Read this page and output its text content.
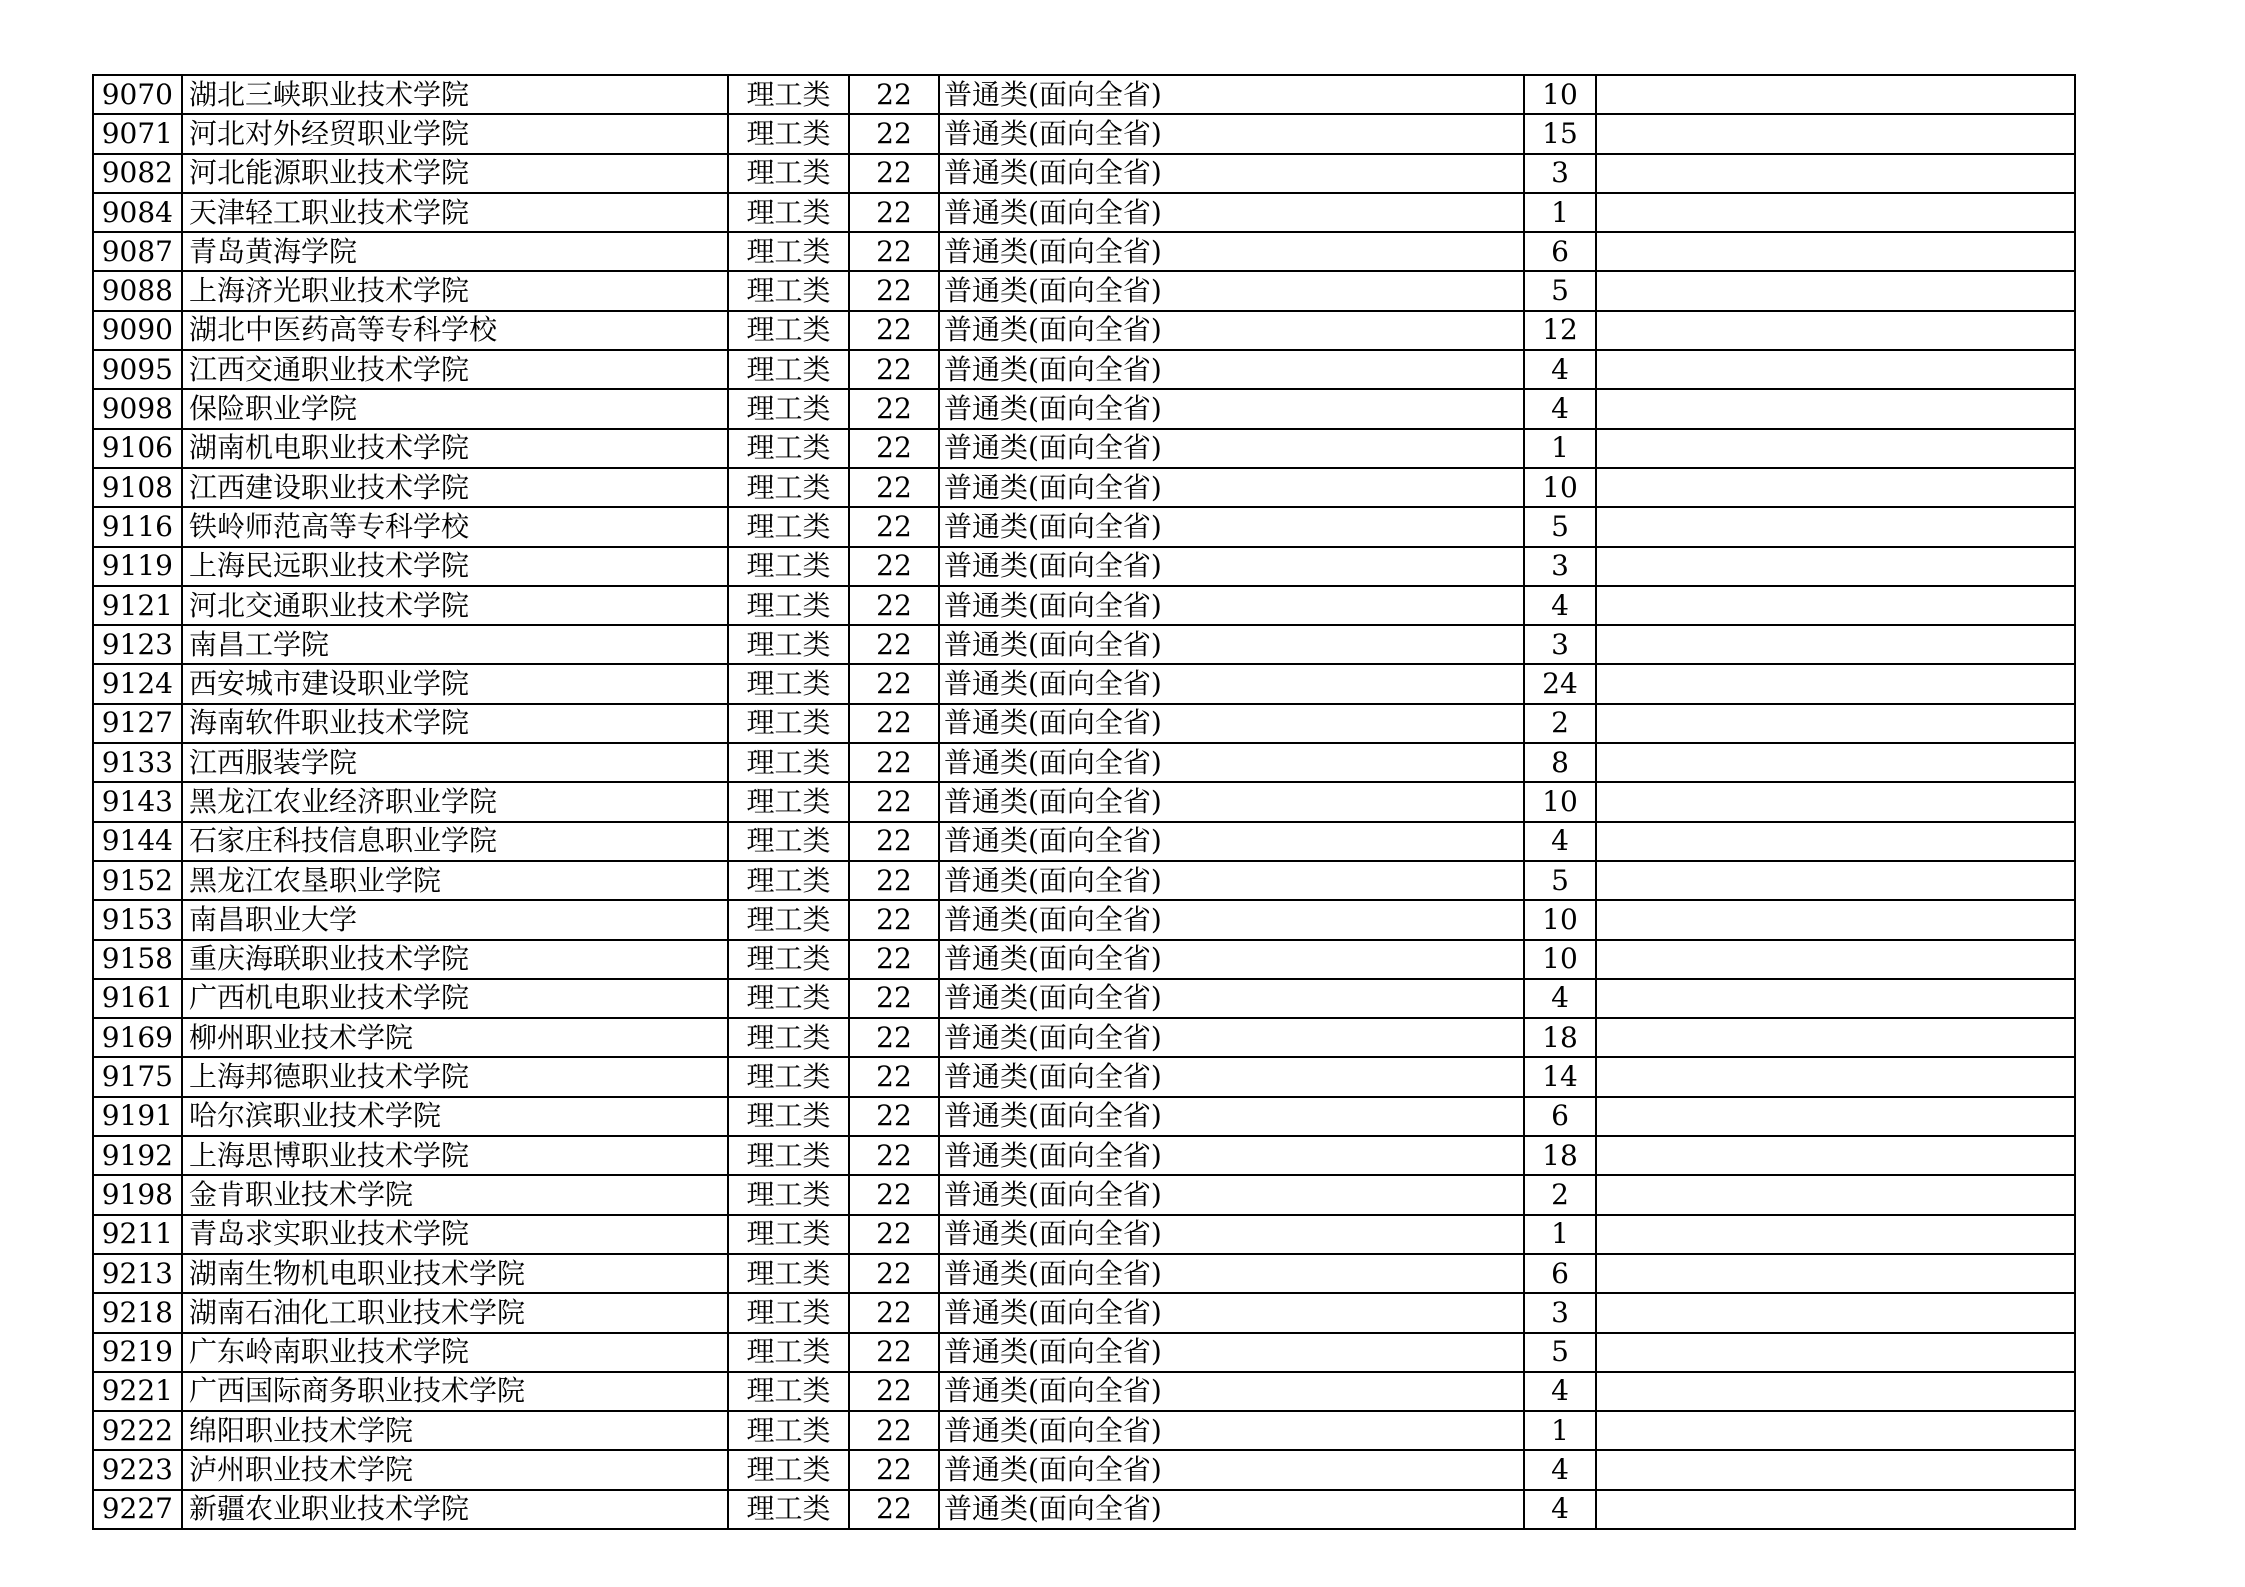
9070	湖北三峡职业技术学院	理工类	22	普通类(面向全省)	10	
9071	河北对外经贸职业学院	理工类	22	普通类(面向全省)	15	
9082	河北能源职业技术学院	理工类	22	普通类(面向全省)	3	
9084	天津轻工职业技术学院	理工类	22	普通类(面向全省)	1	
9087	青岛黄海学院	理工类	22	普通类(面向全省)	6	
9088	上海济光职业技术学院	理工类	22	普通类(面向全省)	5	
9090	湖北中医药高等专科学校	理工类	22	普通类(面向全省)	12	
9095	江西交通职业技术学院	理工类	22	普通类(面向全省)	4	
9098	保险职业学院	理工类	22	普通类(面向全省)	4	
9106	湖南机电职业技术学院	理工类	22	普通类(面向全省)	1	
9108	江西建设职业技术学院	理工类	22	普通类(面向全省)	10	
9116	铁岭师范高等专科学校	理工类	22	普通类(面向全省)	5	
9119	上海民远职业技术学院	理工类	22	普通类(面向全省)	3	
9121	河北交通职业技术学院	理工类	22	普通类(面向全省)	4	
9123	南昌工学院	理工类	22	普通类(面向全省)	3	
9124	西安城市建设职业学院	理工类	22	普通类(面向全省)	24	
9127	海南软件职业技术学院	理工类	22	普通类(面向全省)	2	
9133	江西服装学院	理工类	22	普通类(面向全省)	8	
9143	黑龙江农业经济职业学院	理工类	22	普通类(面向全省)	10	
9144	石家庄科技信息职业学院	理工类	22	普通类(面向全省)	4	
9152	黑龙江农垦职业学院	理工类	22	普通类(面向全省)	5	
9153	南昌职业大学	理工类	22	普通类(面向全省)	10	
9158	重庆海联职业技术学院	理工类	22	普通类(面向全省)	10	
9161	广西机电职业技术学院	理工类	22	普通类(面向全省)	4	
9169	柳州职业技术学院	理工类	22	普通类(面向全省)	18	
9175	上海邦德职业技术学院	理工类	22	普通类(面向全省)	14	
9191	哈尔滨职业技术学院	理工类	22	普通类(面向全省)	6	
9192	上海思博职业技术学院	理工类	22	普通类(面向全省)	18	
9198	金肯职业技术学院	理工类	22	普通类(面向全省)	2	
9211	青岛求实职业技术学院	理工类	22	普通类(面向全省)	1	
9213	湖南生物机电职业技术学院	理工类	22	普通类(面向全省)	6	
9218	湖南石油化工职业技术学院	理工类	22	普通类(面向全省)	3	
9219	广东岭南职业技术学院	理工类	22	普通类(面向全省)	5	
9221	广西国际商务职业技术学院	理工类	22	普通类(面向全省)	4	
9222	绵阳职业技术学院	理工类	22	普通类(面向全省)	1	
9223	泸州职业技术学院	理工类	22	普通类(面向全省)	4	
9227	新疆农业职业技术学院	理工类	22	普通类(面向全省)	4	
